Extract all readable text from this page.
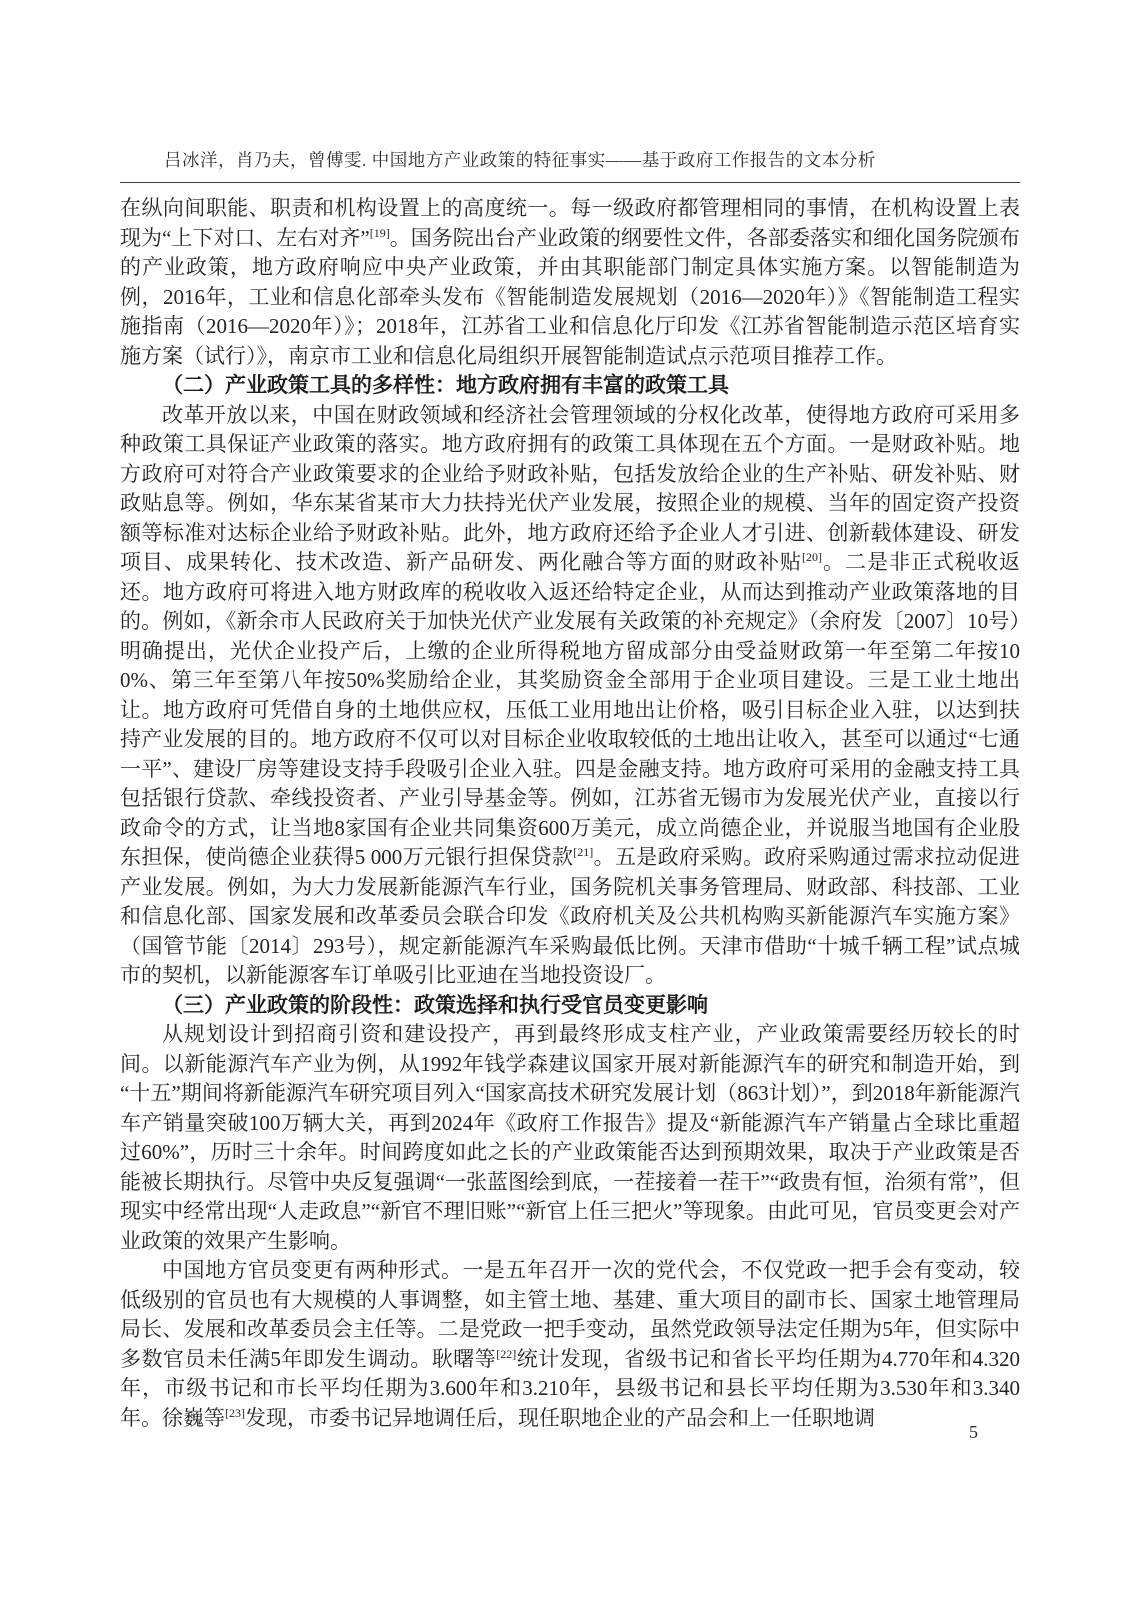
吕冰洋，肖乃夫，曾傅雯. 中国地方产业政策的特征事实——基于政府工作报告的文本分析

在纵向间职能、职责和机构设置上的高度统一。每一级政府都管理相同的事情，在机构设置上表现为“上下对口、左右对齐”[19]。国务院出台产业政策的纲要性文件，各部委落实和细化国务院颁布的产业政策，地方政府响应中央产业政策，并由其职能部门制定具体实施方案。以智能制造为例，2016年，工业和信息化部牵头发布《智能制造发展规划（2016—2020年）》《智能制造工程实施指南（2016—2020年）》；2018年，江苏省工业和信息化厅印发《江苏省智能制造示范区培育实施方案（试行）》，南京市工业和信息化局组织开展智能制造试点示范项目推荐工作。

（二）产业政策工具的多样性：地方政府拥有丰富的政策工具

改革开放以来，中国在财政领域和经济社会管理领域的分权化改革，使得地方政府可采用多种政策工具保证产业政策的落实。地方政府拥有的政策工具体现在五个方面。一是财政补贴。地方政府可对符合产业政策要求的企业给予财政补贴，包括发放给企业的生产补贴、研发补贴、财政贴息等。例如，华东某省某市大力扶持光伏产业发展，按照企业的规模、当年的固定资产投资额等标准对达标企业给予财政补贴。此外，地方政府还给予企业人才引进、创新载体建设、研发项目、成果转化、技术改造、新产品研发、两化融合等方面的财政补贴[20]。二是非正式税收返还。地方政府可将进入地方财政库的税收收入返还给特定企业，从而达到推动产业政策落地的目的。例如，《新余市人民政府关于加快光伏产业发展有关政策的补充规定》（余府发〔2007〕10号）明确提出，光伏企业投产后，上缴的企业所得税地方留成部分由受益财政第一年至第二年按100%、第三年至第八年按50%奖励给企业，其奖励资金全部用于企业项目建设。三是工业土地出让。地方政府可凭借自身的土地供应权，压低工业用地出让价格，吸引目标企业入驻，以达到扶持产业发展的目的。地方政府不仅可以对目标企业收取较低的土地出让收入，甚至可以通过“七通一平”、建设厂房等建设支持手段吸引企业入驻。四是金融支持。地方政府可采用的金融支持工具包括银行贷款、牵线投资者、产业引导基金等。例如，江苏省无锡市为发展光伏产业，直接以行政命令的方式，让当地8家国有企业共同集资600万美元，成立尚德企业，并说服当地国有企业股东担保，使尚德企业获得5 000万元银行担保贷款[21]。五是政府采购。政府采购通过需求拉动促进产业发展。例如，为大力发展新能源汽车行业，国务院机关事务管理局、财政部、科技部、工业和信息化部、国家发展和改革委员会联合印发《政府机关及公共机构购买新能源汽车实施方案》（国管节能〔2014〕293号），规定新能源汽车采购最低比例。天津市借助“十城千辆工程”试点城市的契机，以新能源客车订单吸引比亚迪在当地投资设厂。

（三）产业政策的阶段性：政策选择和执行受官员变更影响

从规划设计到招商引资和建设投产，再到最终形成支柱产业，产业政策需要经历较长的时间。以新能源汽车产业为例，从1992年钱学森建议国家开展对新能源汽车的研究和制造开始，到“十五”期间将新能源汽车研究项目列入“国家高技术研究发展计划（863计划）”，到2018年新能源汽车产销量突破100万辆大关，再到2024年《政府工作报告》提及“新能源汽车产销量占全球比重超过60%”，历时三十余年。时间跨度如此之长的产业政策能否达到预期效果，取决于产业政策是否能被长期执行。尽管中央反复强调“一张蓝图绘到底，一茬接着一茬干”“政贵有恒，治须有常”，但现实中经常出现“人走政息”“新官不理旧账”“新官上任三把火”等现象。由此可见，官员变更会对产业政策的效果产生影响。

中国地方官员变更有两种形式。一是五年召开一次的党代会，不仅党政一把手会有变动，较低级别的官员也有大规模的人事调整，如主管土地、基建、重大项目的副市长、国家土地管理局局长、发展和改革委员会主任等。二是党政一把手变动，虽然党政领导法定任期为5年，但实际中多数官员未任满5年即发生调动。耿曙等[22]统计发现，省级书记和省长平均任期为4.770年和4.320年，市级书记和市长平均任期为3.600年和3.210年，县级书记和县长平均任期为3.530年和3.340年。徐巍等[23]发现，市委书记异地调任后，现任职地企业的产品会和上一任职地调

5
